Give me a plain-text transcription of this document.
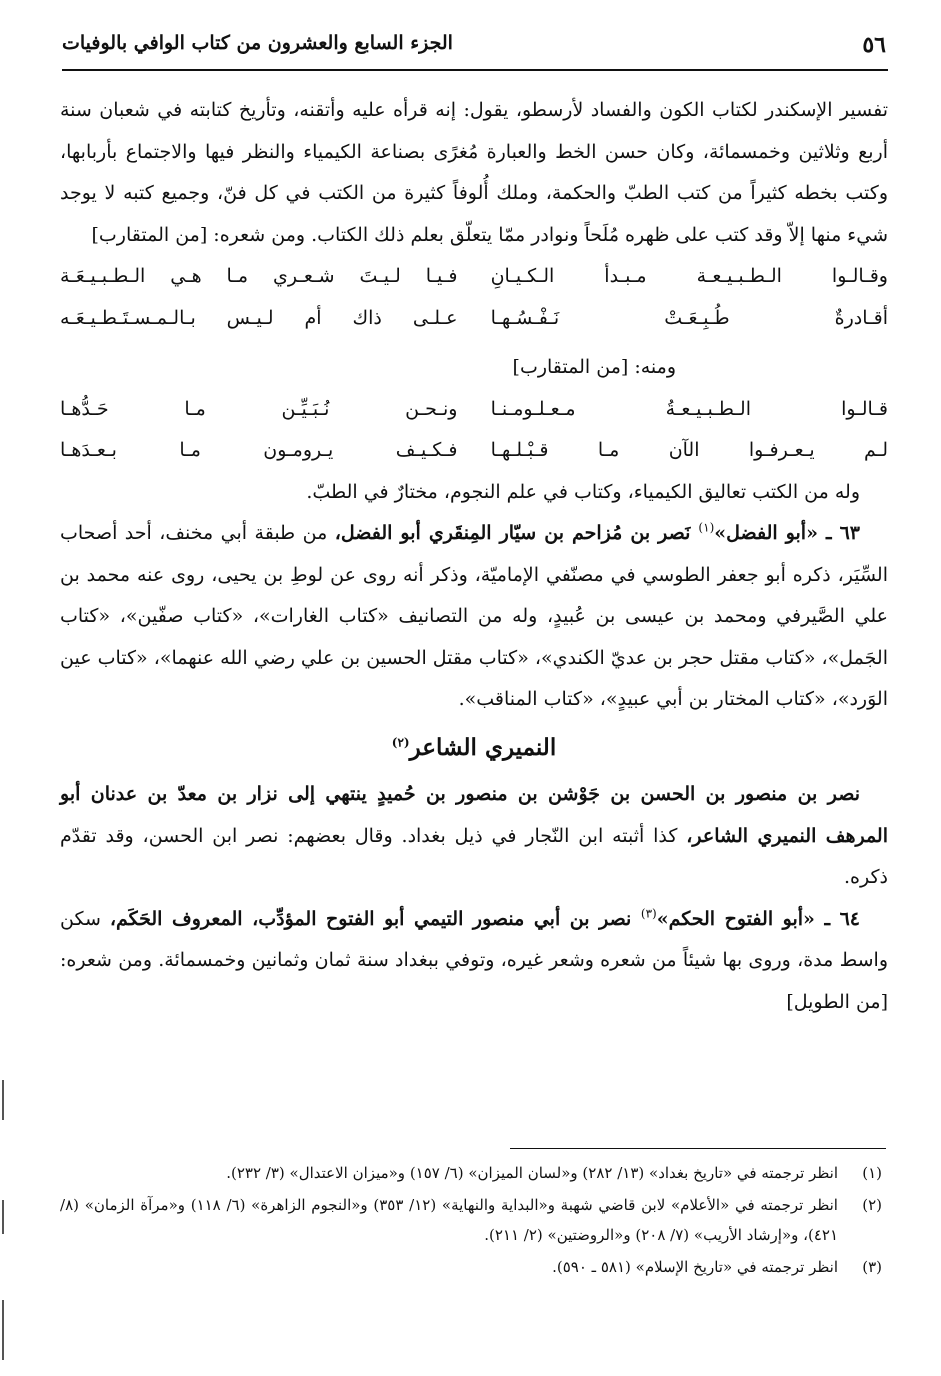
٥٦
الجزء السابع والعشرون من كتاب الوافي بالوفيات

تفسير الإسكندر لكتاب الكون والفساد لأرسطو، يقول: إنه قرأه عليه وأتقنه، وتأريخ كتابته في شعبان سنة أربع وثلاثين وخمسمائة، وكان حسن الخط والعبارة مُغرًى بصناعة الكيمياء والنظر فيها والاجتماع بأربابها، وكتب بخطه كثيراً من كتب الطبّ والحكمة، وملك أُلوفاً كثيرة من الكتب في كل فنّ، وجميع كتبه لا يوجد شيء منها إلاّ وقد كتب على ظهره مُلَحاً ونوادر ممّا يتعلّق بعلم ذلك الكتاب. ومن شعره: [من المتقارب]

وقـالـوا الـطـبـيـعـة مـبـدأ الـكـيـانِ
فـيـا لـيـتَ شـعـري مـا هـي الـطـبـيـعَـة
أقـادرةٌ طُـبِـعَـتْ نَـفْـسُـهـا
عـلـى ذاك أم لـيـس بـالـمـسـتَـطـيـعَـه

ومنه: [من المتقارب]

قـالـوا الـطـبـيـعـةُ مـعـلـومـنـا
ونـحـن نُـبَـيِّـن مـا حَـدُّهـا
لـم يـعـرفـوا الآن مـا قـبْـلـهـا
فـكـيـف يـرومـون مـا بـعـدَهـا

وله من الكتب تعاليق الكيمياء، وكتاب في علم النجوم، مختارٌ في الطبّ.

٦٣ ـ «أبو الفضل»$^{(١)}$ نَصر بن مُزاحم بن سيّار المِنقَري أبو الفضل، من طبقة أبي مخنف، أحد أصحاب السِّيَر، ذكره أبو جعفر الطوسي في مصنّفي الإماميّة، وذكر أنه روى عن لوطِ بن يحيى، روى عنه محمد بن علي الصَّيرفي ومحمد بن عيسى بن عُبيدٍ، وله من التصانيف «كتاب الغارات»، «كتاب صفّين»، «كتاب الجَمل»، «كتاب مقتل حجر بن عديّ الكندي»، «كتاب مقتل الحسين بن علي رضي الله عنهما»، «كتاب عين الوَرد»، «كتاب المختار بن أبي عبيدٍ»، «كتاب المناقب».

النميري الشاعر$^{(٢)}$

نصر بن منصور بن الحسن بن جَوْشن بن منصور بن حُميدٍ ينتهي إلى نزار بن معدّ بن عدنان أبو المرهف النميري الشاعر، كذا أثبته ابن النّجار في ذيل بغداد. وقال بعضهم: نصر ابن الحسن، وقد تقدّم ذكره.

٦٤ ـ «أبو الفتوح الحكم»$^{(٣)}$ نصر بن أبي منصور التيمي أبو الفتوح المؤدِّب، المعروف الحَكَم، سكن واسط مدة، وروى بها شيئاً من شعره وشعر غيره، وتوفي ببغداد سنة ثمان وثمانين وخمسمائة. ومن شعره: [من الطويل]

(١)
انظر ترجمته في «تاريخ بغداد» (١٣/ ٢٨٢) و«لسان الميزان» (٦/ ١٥٧) و«ميزان الاعتدال» (٣/ ٢٣٢).
(٢)
انظر ترجمته في «الأعلام» لابن قاضي شهبة و«البداية والنهاية» (١٢/ ٣٥٣) و«النجوم الزاهرة» (٦/ ١١٨) و«مرآة الزمان» (٨/ ٤٢١)، و«إرشاد الأريب» (٧/ ٢٠٨) و«الروضتين» (٢/ ٢١١).
(٣)
انظر ترجمته في «تاريخ الإسلام» (٥٨١ ـ ٥٩٠).
